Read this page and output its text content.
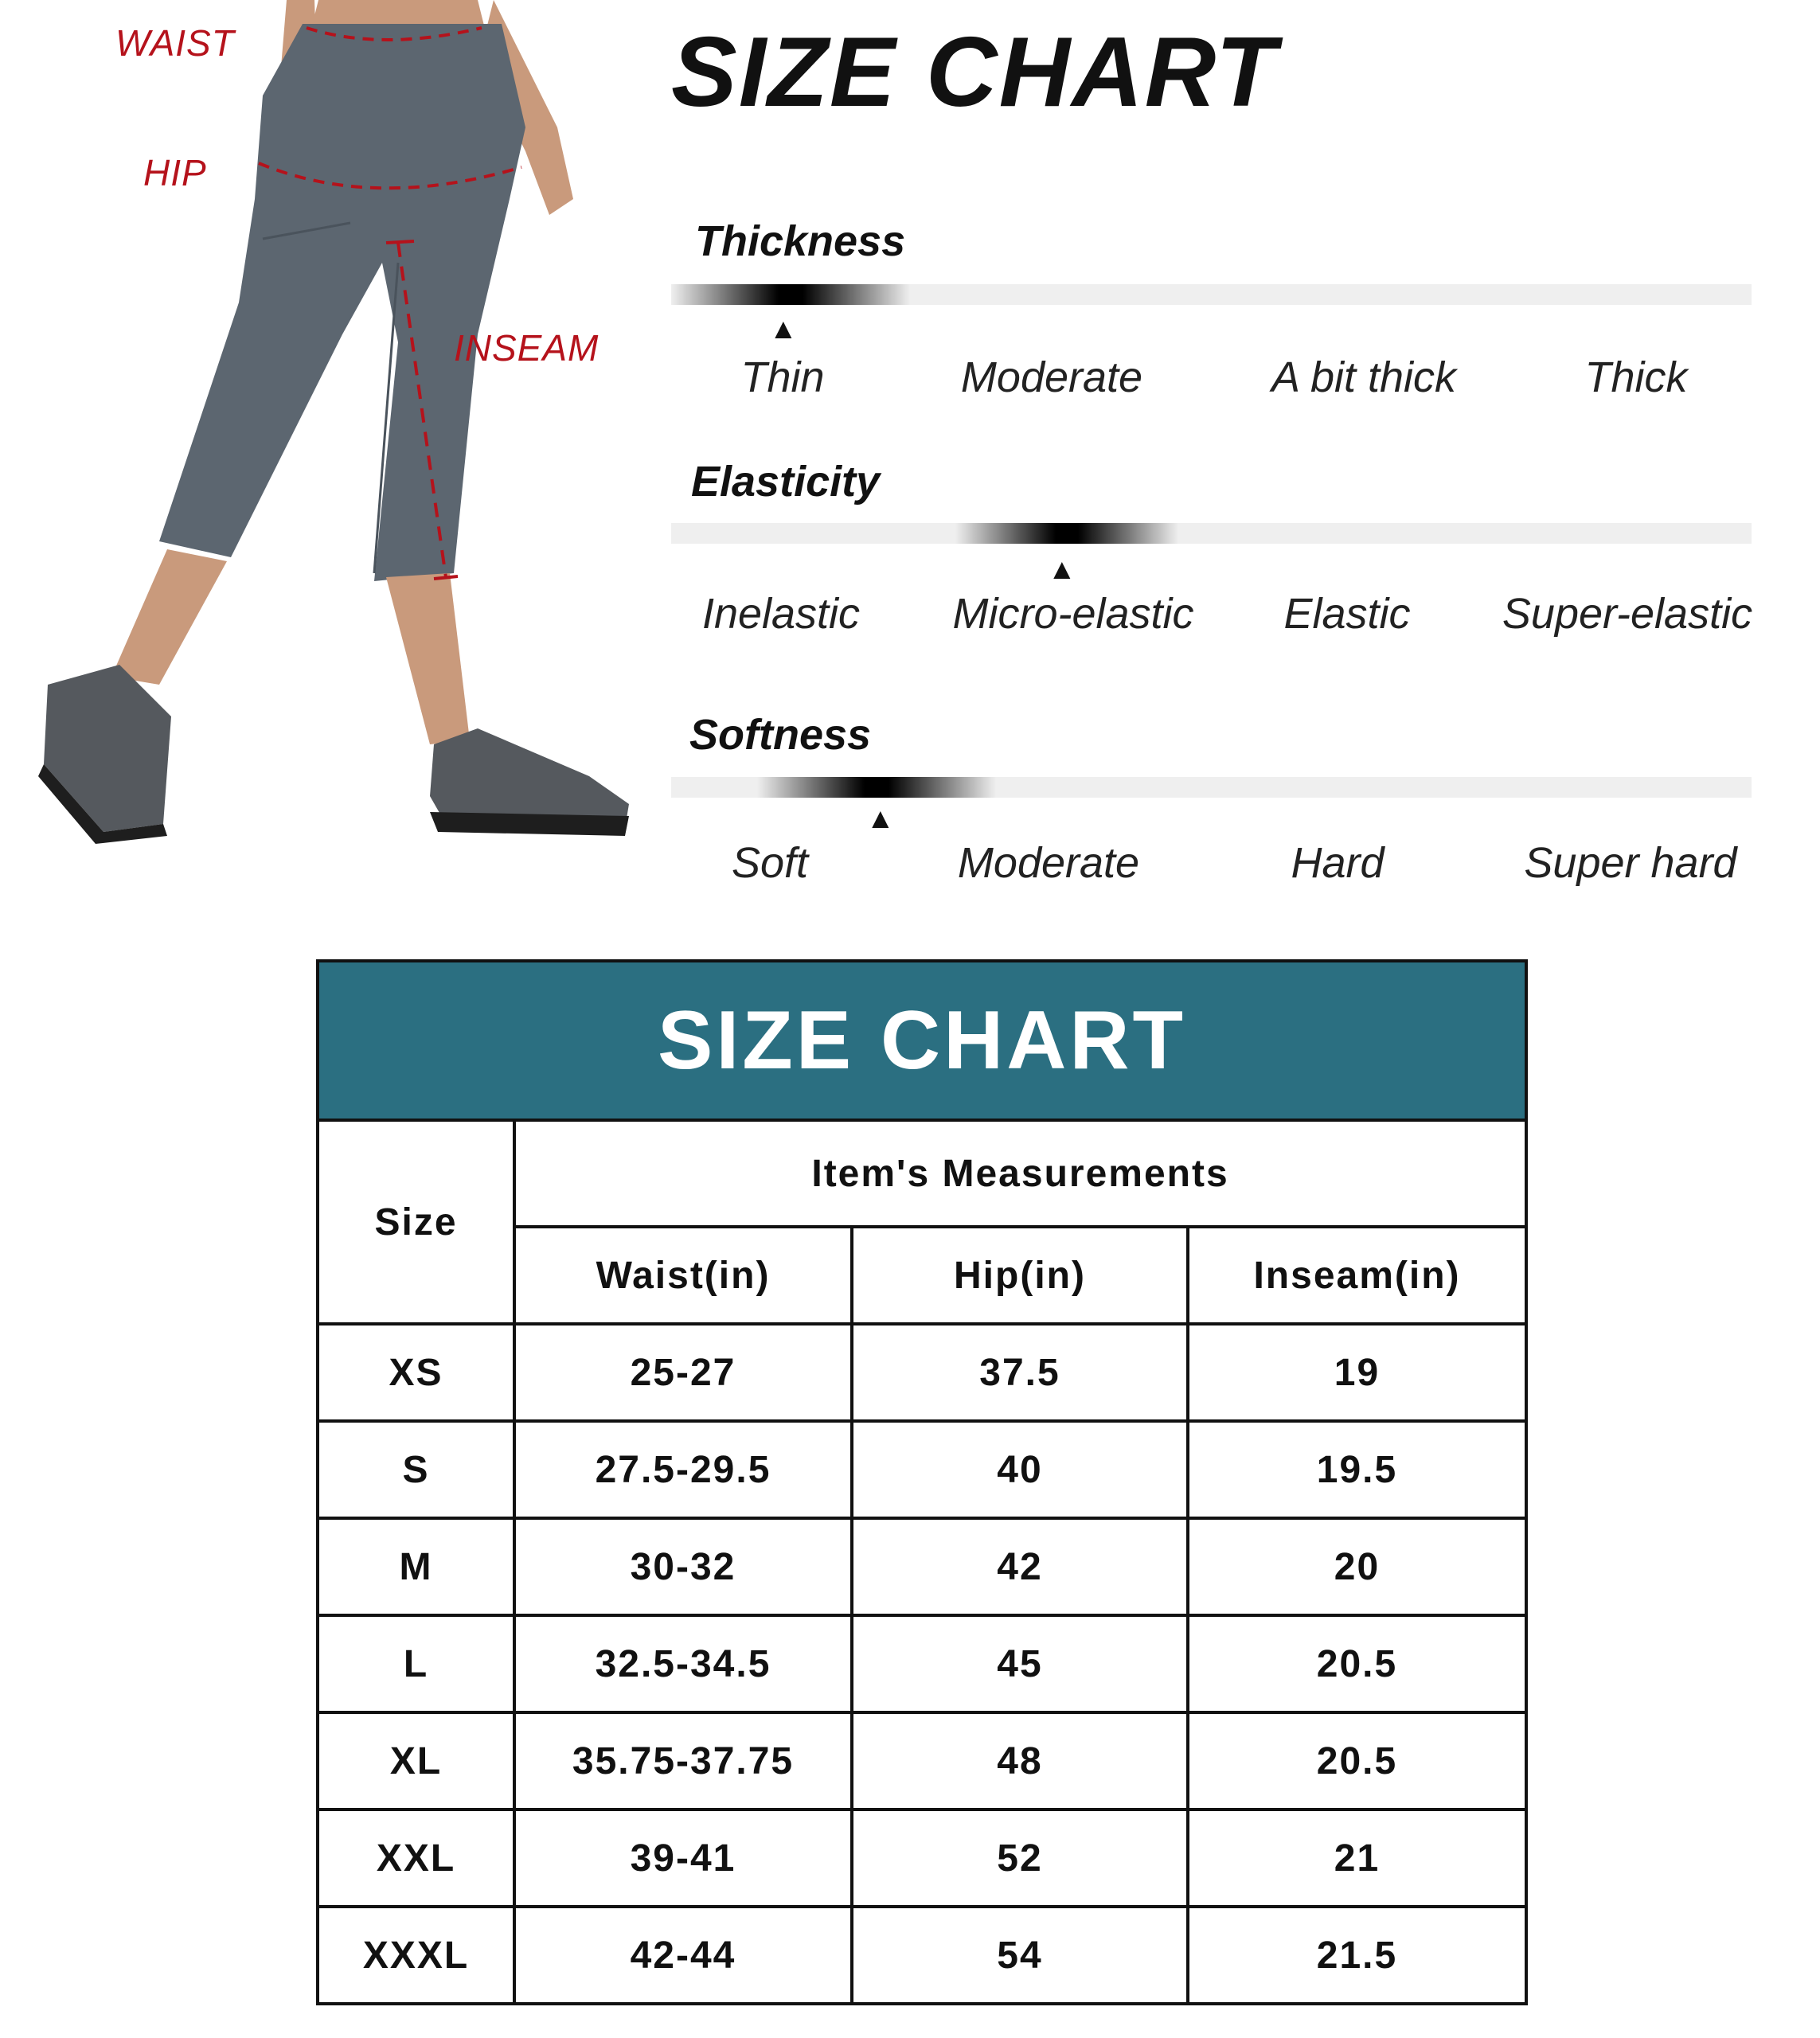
WAIST
HIP
INSEAM
SIZE CHART
Thickness
▲
Thin	Moderate	A bit thick	Thick
Elasticity
▲
Inelastic Micro-elastic Elastic Super-elastic
Softness
▲
Soft	Moderate	Hard	Super hard
SIZE CHART			
Size	Item's Measurements		
	Waist(in)	Hip(in)	Inseam(in)
XS	25-27	37.5	19
S	27.5-29.5	40	19.5
M	30-32	42	20
L	32.5-34.5	45	20.5
XL	35.75-37.75	48	20.5
XXL	39-41	52	21
XXXL	42-44	54	21.5
